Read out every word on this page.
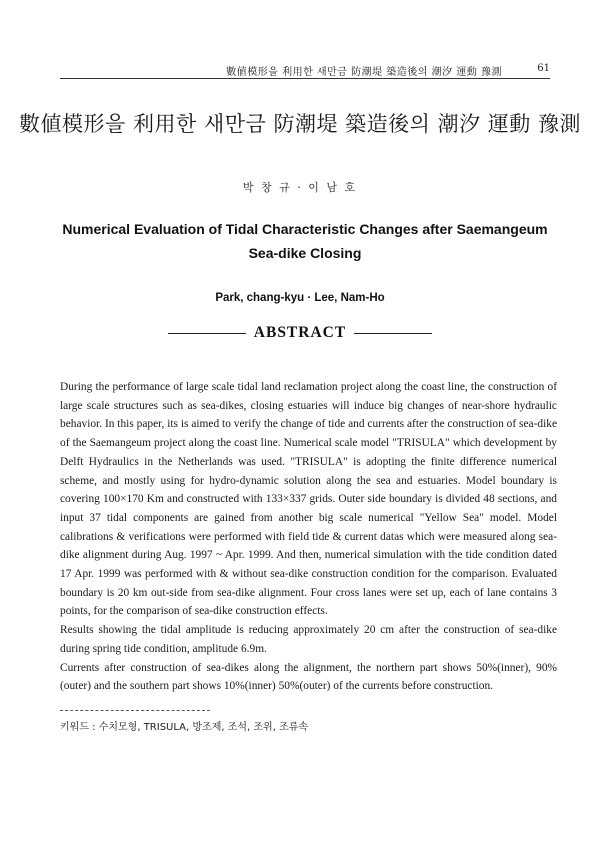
數値模形을 利用한 새만금 防潮堤 築造後의 潮汐 運動 豫測	61
數値模形을 利用한 새만금 防潮堤 築造後의 潮汐 運動 豫測
박 창 규 · 이 남 호
Numerical Evaluation of Tidal Characteristic Changes after Saemangeum Sea-dike Closing
Park, chang-kyu · Lee, Nam-Ho
ABSTRACT

During the performance of large scale tidal land reclamation project along the coast line, the construction of large scale structures such as sea-dikes, closing estuaries will induce big changes of near-shore hydraulic behavior. In this paper, its is aimed to verify the change of tide and currents after the construction of sea-dike of the Saemangeum project along the coast line. Numerical scale model "TRISULA" which development by Delft Hydraulics in the Netherlands was used. "TRISULA" is adopting the finite difference numerical scheme, and mostly using for hydro-dynamic solution along the sea and estuaries. Model boundary is covering 100×170 Km and constructed with 133×337 grids. Outer side boundary is divided 48 sections, and input 37 tidal components are gained from another big scale numerical "Yellow Sea" model. Model calibrations & verifications were performed with field tide & current datas which were measured along sea-dike alignment during Aug. 1997 ~ Apr. 1999. And then, numerical simulation with the tide condition dated 17 Apr. 1999 was performed with & without sea-dike construction condition for the comparison. Evaluated boundary is 20 km out-side from sea-dike alignment. Four cross lanes were set up, each of lane contains 3 points, for the comparison of sea-dike construction effects.

Results showing the tidal amplitude is reducing approximately 20 cm after the construction of sea-dike during spring tide condition, amplitude 6.9m.

Currents after construction of sea-dikes along the alignment, the northern part shows 50%(inner), 90%(outer) and the southern part shows 10%(inner) 50%(outer) of the currents before construction.

키워드 : 수치모형, TRISULA, 방조제, 조석, 조위, 조류속
